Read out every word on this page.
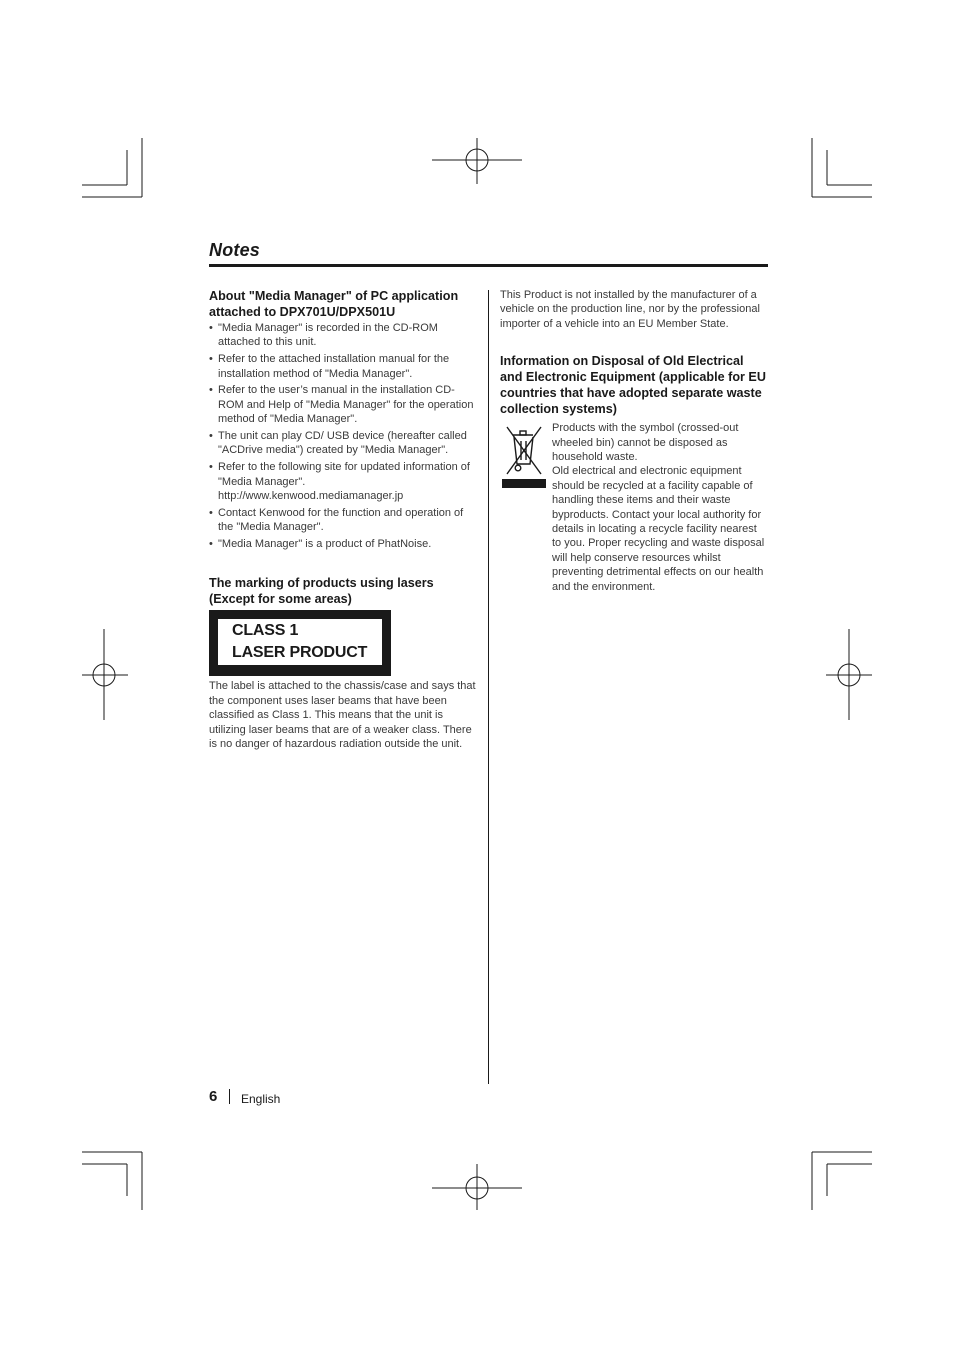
Notes
About "Media Manager" of PC application attached to DPX701U/DPX501U
• "Media Manager" is recorded in the CD-ROM attached to this unit.
• Refer to the attached installation manual for the installation method of "Media Manager".
• Refer to the user’s manual in the installation CD-ROM and Help of "Media Manager" for the operation method of "Media Manager".
• The unit can play CD/ USB device (hereafter called "ACDrive media") created by "Media Manager".
• Refer to the following site for updated information of "Media Manager".
http://www.kenwood.mediamanager.jp
• Contact Kenwood for the function and operation of the "Media Manager".
• "Media Manager" is a product of PhatNoise.
The marking of products using lasers (Except for some areas)
CLASS 1
LASER PRODUCT

The label is attached to the chassis/case and says that the component uses laser beams that have been classified as Class 1. This means that the unit is utilizing laser beams that are of a weaker class. There is no danger of hazardous radiation outside the unit.

This Product is not installed by the manufacturer of a vehicle on the production line, nor by the professional importer of a vehicle into an EU Member State.

Information on Disposal of Old Electrical and Electronic Equipment (applicable for EU countries that have adopted separate waste collection systems)

Products with the symbol (crossed-out wheeled bin) cannot be disposed as household waste.

Old electrical and electronic equipment should be recycled at a facility capable of handling these items and their waste byproducts. Contact your local authority for details in locating a recycle facility nearest to you. Proper recycling and waste disposal will help conserve resources whilst preventing detrimental effects on our health and the environment.

6 English
